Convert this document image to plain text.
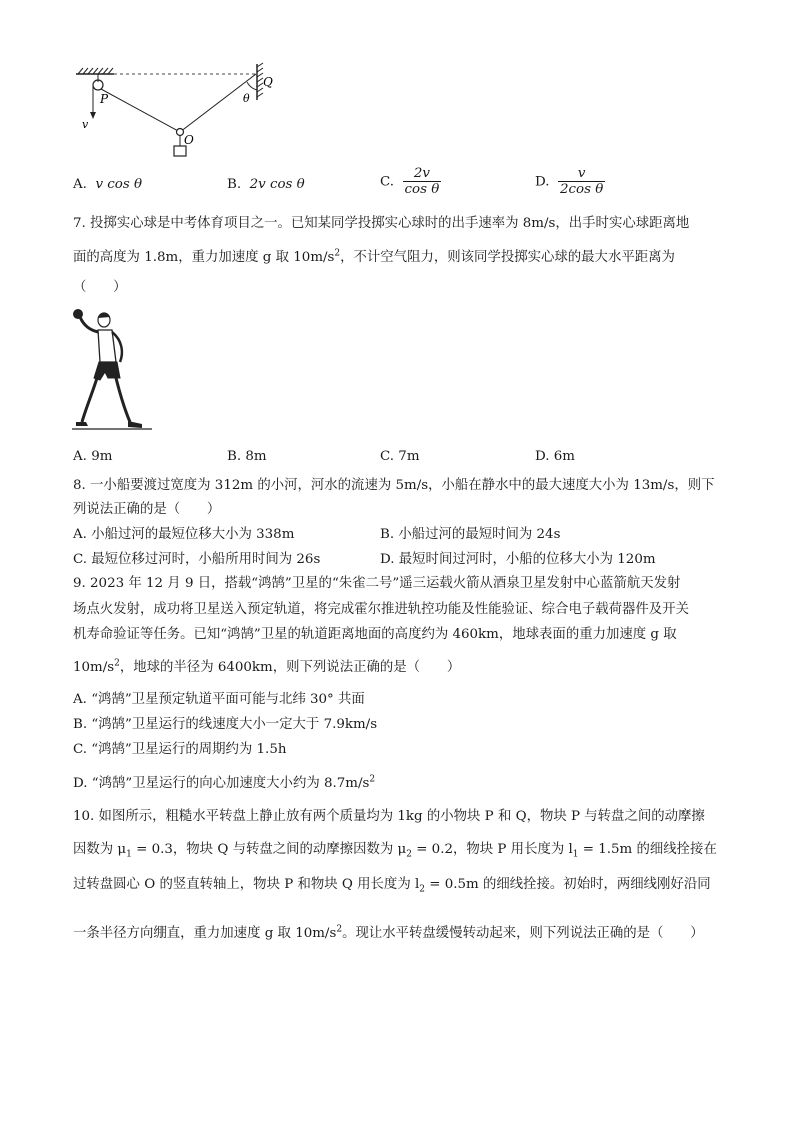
P
Q
O
v
θ
A. v cos θ	B. 2v cos θ	C. $\frac{2v}{\text{cos θ}}$	D. $\frac{v}{\text{2cos θ}}$
7. 投掷实心球是中考体育项目之一。已知某同学投掷实心球时的出手速率为 8m/s，出手时实心球距离地
面的高度为 1.8m，重力加速度 g 取 $10m/s^2$，不计空气阻力，则该同学投掷实心球的最大水平距离为
（　　）
A. 9m	B. 8m	C. 7m	D. 6m
8. 一小船要渡过宽度为 312m 的小河，河水的流速为 5m/s，小船在静水中的最大速度大小为 13m/s，则下
列说法正确的是（　　）
A. 小船过河的最短位移大小为 338m	B. 小船过河的最短时间为 24s
C. 最短位移过河时，小船所用时间为 26s	D. 最短时间过河时，小船的位移大小为 120m
9. 2023 年 12 月 9 日，搭载“鸿鹄”卫星的“朱雀二号”遥三运载火箭从酒泉卫星发射中心蓝箭航天发射
场点火发射，成功将卫星送入预定轨道，将完成霍尔推进轨控功能及性能验证、综合电子载荷器件及开关
机寿命验证等任务。已知“鸿鹄”卫星的轨道距离地面的高度约为 460km，地球表面的重力加速度 g 取
$10m/s^2$，地球的半径为 6400km，则下列说法正确的是（　　）
A. “鸿鹄”卫星预定轨道平面可能与北纬 30° 共面
B. “鸿鹄”卫星运行的线速度大小一定大于 7.9km/s
C. “鸿鹄”卫星运行的周期约为 1.5h
D. “鸿鹄”卫星运行的向心加速度大小约为 $8.7m/s^2$
10. 如图所示，粗糙水平转盘上静止放有两个质量均为 1kg 的小物块 P 和 Q，物块 P 与转盘之间的动摩擦
因数为 $\mu_1 = 0.3$，物块 Q 与转盘之间的动摩擦因数为 $\mu_2 = 0.2$，物块 P 用长度为 $l_1 = 1.5m$ 的细线拴接在
过转盘圆心 O 的竖直转轴上，物块 P 和物块 Q 用长度为 $l_2 = 0.5m$ 的细线拴接。初始时，两细线刚好沿同
一条半径方向绷直，重力加速度 g 取 $10m/s^2$。现让水平转盘缓慢转动起来，则下列说法正确的是（　　）
